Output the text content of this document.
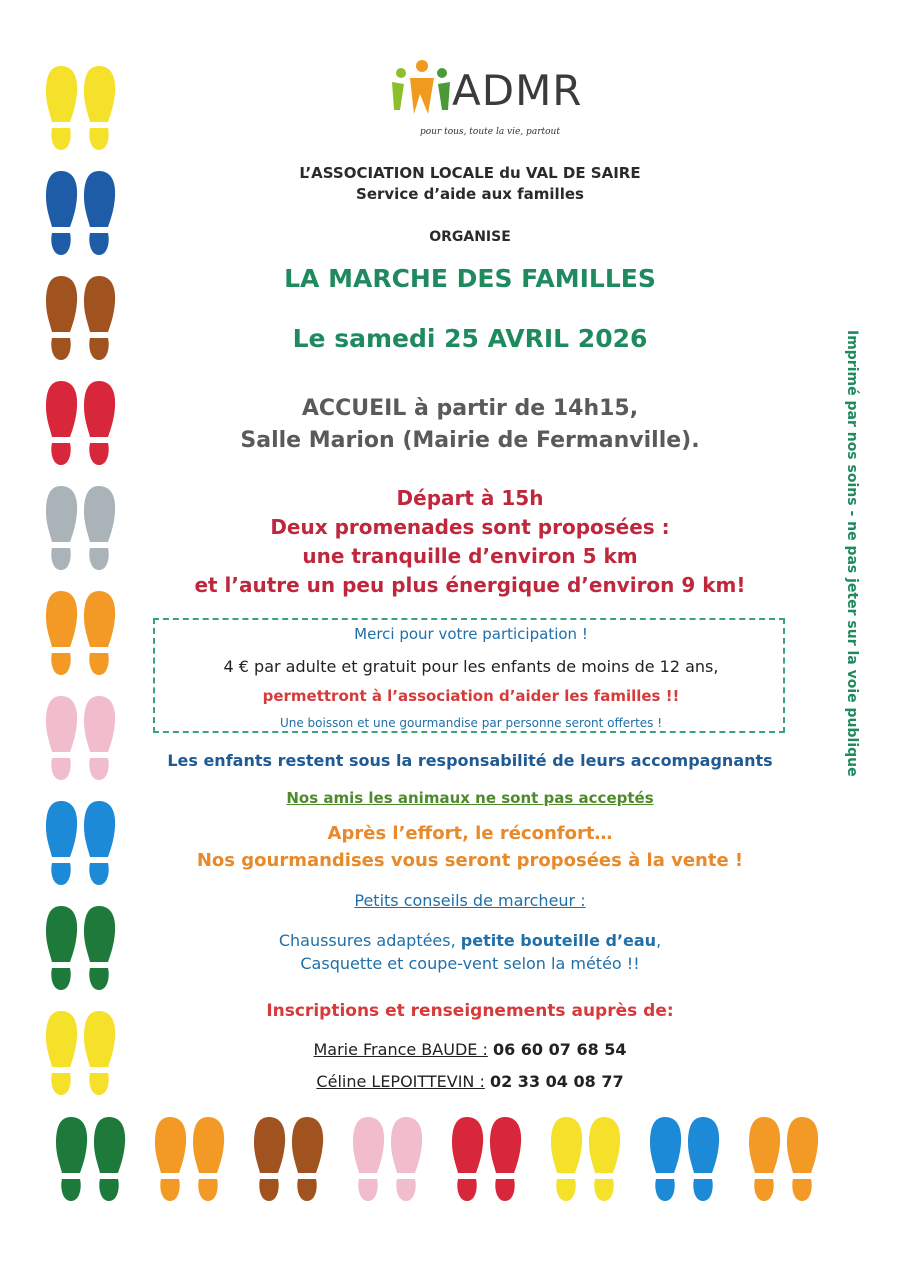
ADMR
pour tous, toute la vie, partout
L’ASSOCIATION LOCALE du VAL DE SAIRE
Service d’aide aux familles
ORGANISE
LA MARCHE DES FAMILLES
Le samedi 25 AVRIL 2026
ACCUEIL à partir de 14h15,
Salle Marion (Mairie de Fermanville).
Départ à 15h
Deux promenades sont proposées :
une tranquille d’environ 5 km
et l’autre un peu plus énergique d’environ 9 km!
Merci pour votre participation !
4 € par adulte et gratuit pour les enfants de moins de 12 ans,
permettront à l’association d’aider les familles !!
Une boisson et une gourmandise par personne seront offertes !
Les enfants restent sous la responsabilité de leurs accompagnants
Nos amis les animaux ne sont pas acceptés
Après l’effort, le réconfort…
Nos gourmandises vous seront proposées à la vente !
Petits conseils de marcheur :
Chaussures adaptées, petite bouteille d’eau,
Casquette et coupe-vent selon la météo !!
Inscriptions et renseignements auprès de:
Marie France BAUDE : 06 60 07 68 54
Céline LEPOITTEVIN : 02 33 04 08 77
Imprimé par nos soins - ne pas jeter sur la voie publique
